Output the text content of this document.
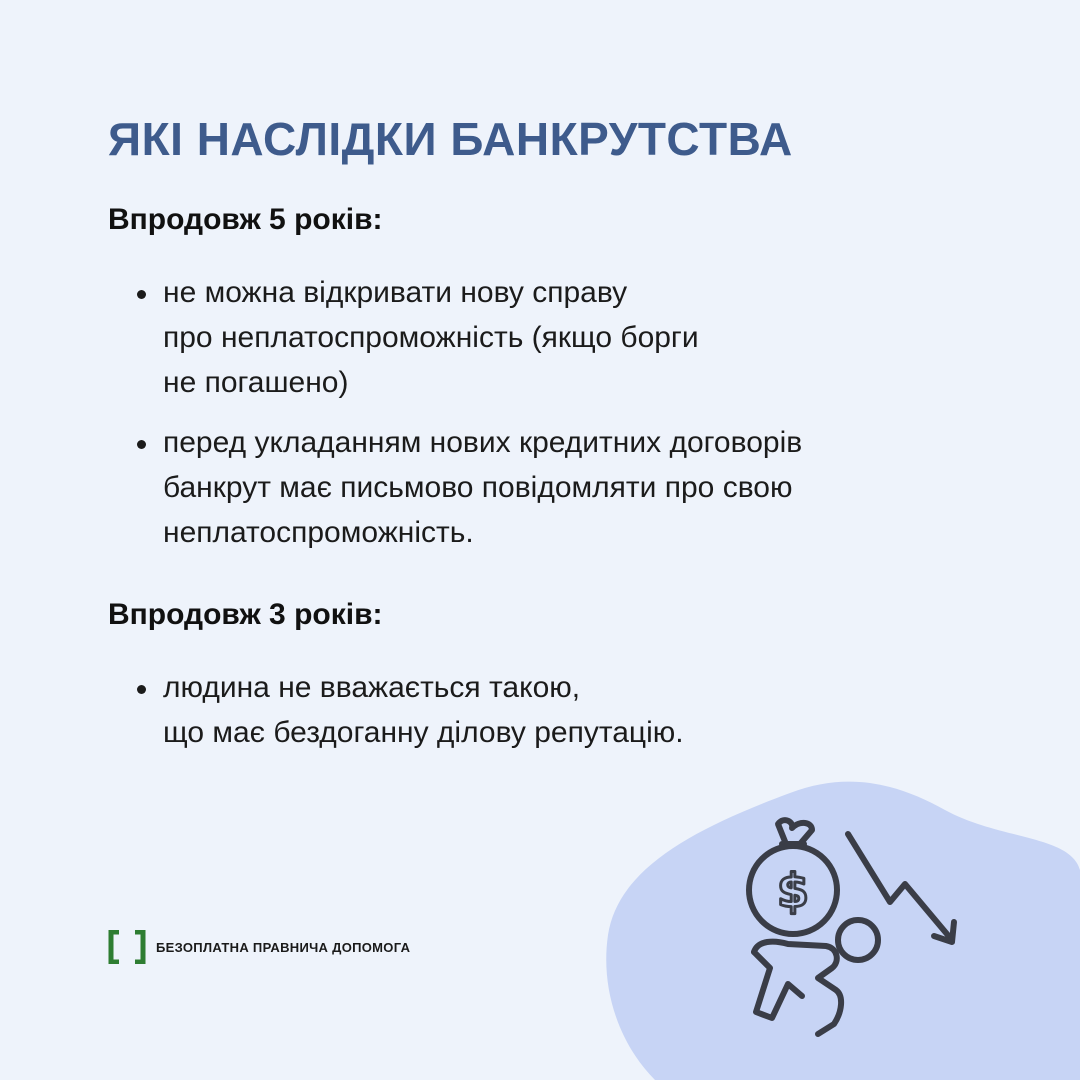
ЯКІ НАСЛІДКИ БАНКРУТСТВА
Впродовж 5 років:
не можна відкривати нову справу
про неплатоспроможність (якщо борги
не погашено)
перед укладанням нових кредитних договорів
банкрут має письмово повідомляти про свою
неплатоспроможність.
Впродовж 3 років:
людина не вважається такою,
що має бездоганну ділову репутацію.
БЕЗОПЛАТНА ПРАВНИЧА ДОПОМОГА
$
